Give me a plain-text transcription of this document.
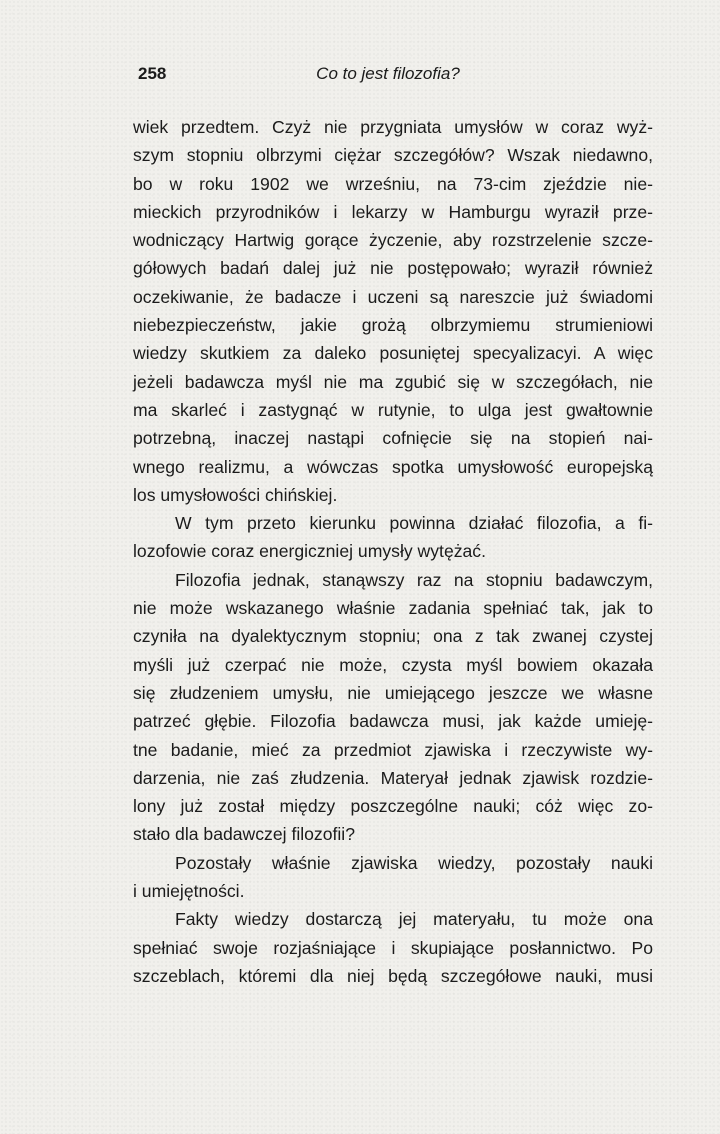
258	Co to jest filozofia?
wiek przedtem. Czyż nie przygniata umysłów w coraz wyż-
szym stopniu olbrzymi ciężar szczegółów? Wszak niedawno,
bo w roku 1902 we wrześniu, na 73-cim zjeździe nie-
mieckich przyrodników i lekarzy w Hamburgu wyraził prze-
wodniczący Hartwig gorące życzenie, aby rozstrzelenie szcze-
gółowych badań dalej już nie postępowało; wyraził również
oczekiwanie, że badacze i uczeni są nareszcie już świadomi
niebezpieczeństw, jakie grożą olbrzymiemu strumieniowi
wiedzy skutkiem za daleko posuniętej specyalizacyi. A więc
jeżeli badawcza myśl nie ma zgubić się w szczegółach, nie
ma skarleć i zastygnąć w rutynie, to ulga jest gwałtownie
potrzebną, inaczej nastąpi cofnięcie się na stopień nai-
wnego realizmu, a wówczas spotka umysłowość europejską
los umysłowości chińskiej.
W tym przeto kierunku powinna działać filozofia, a fi-
lozofowie coraz energiczniej umysły wytężać.
Filozofia jednak, stanąwszy raz na stopniu badawczym,
nie może wskazanego właśnie zadania spełniać tak, jak to
czyniła na dyalektycznym stopniu; ona z tak zwanej czystej
myśli już czerpać nie może, czysta myśl bowiem okazała
się złudzeniem umysłu, nie umiejącego jeszcze we własne
patrzeć głębie. Filozofia badawcza musi, jak każde umieję-
tne badanie, mieć za przedmiot zjawiska i rzeczywiste wy-
darzenia, nie zaś złudzenia. Materyał jednak zjawisk rozdzie-
lony już został między poszczególne nauki; cóż więc zo-
stało dla badawczej filozofii?
Pozostały właśnie zjawiska wiedzy, pozostały nauki
i umiejętności.
Fakty wiedzy dostarczą jej materyału, tu może ona
spełniać swoje rozjaśniające i skupiające posłannictwo. Po
szczeblach, któremi dla niej będą szczegółowe nauki, musi
